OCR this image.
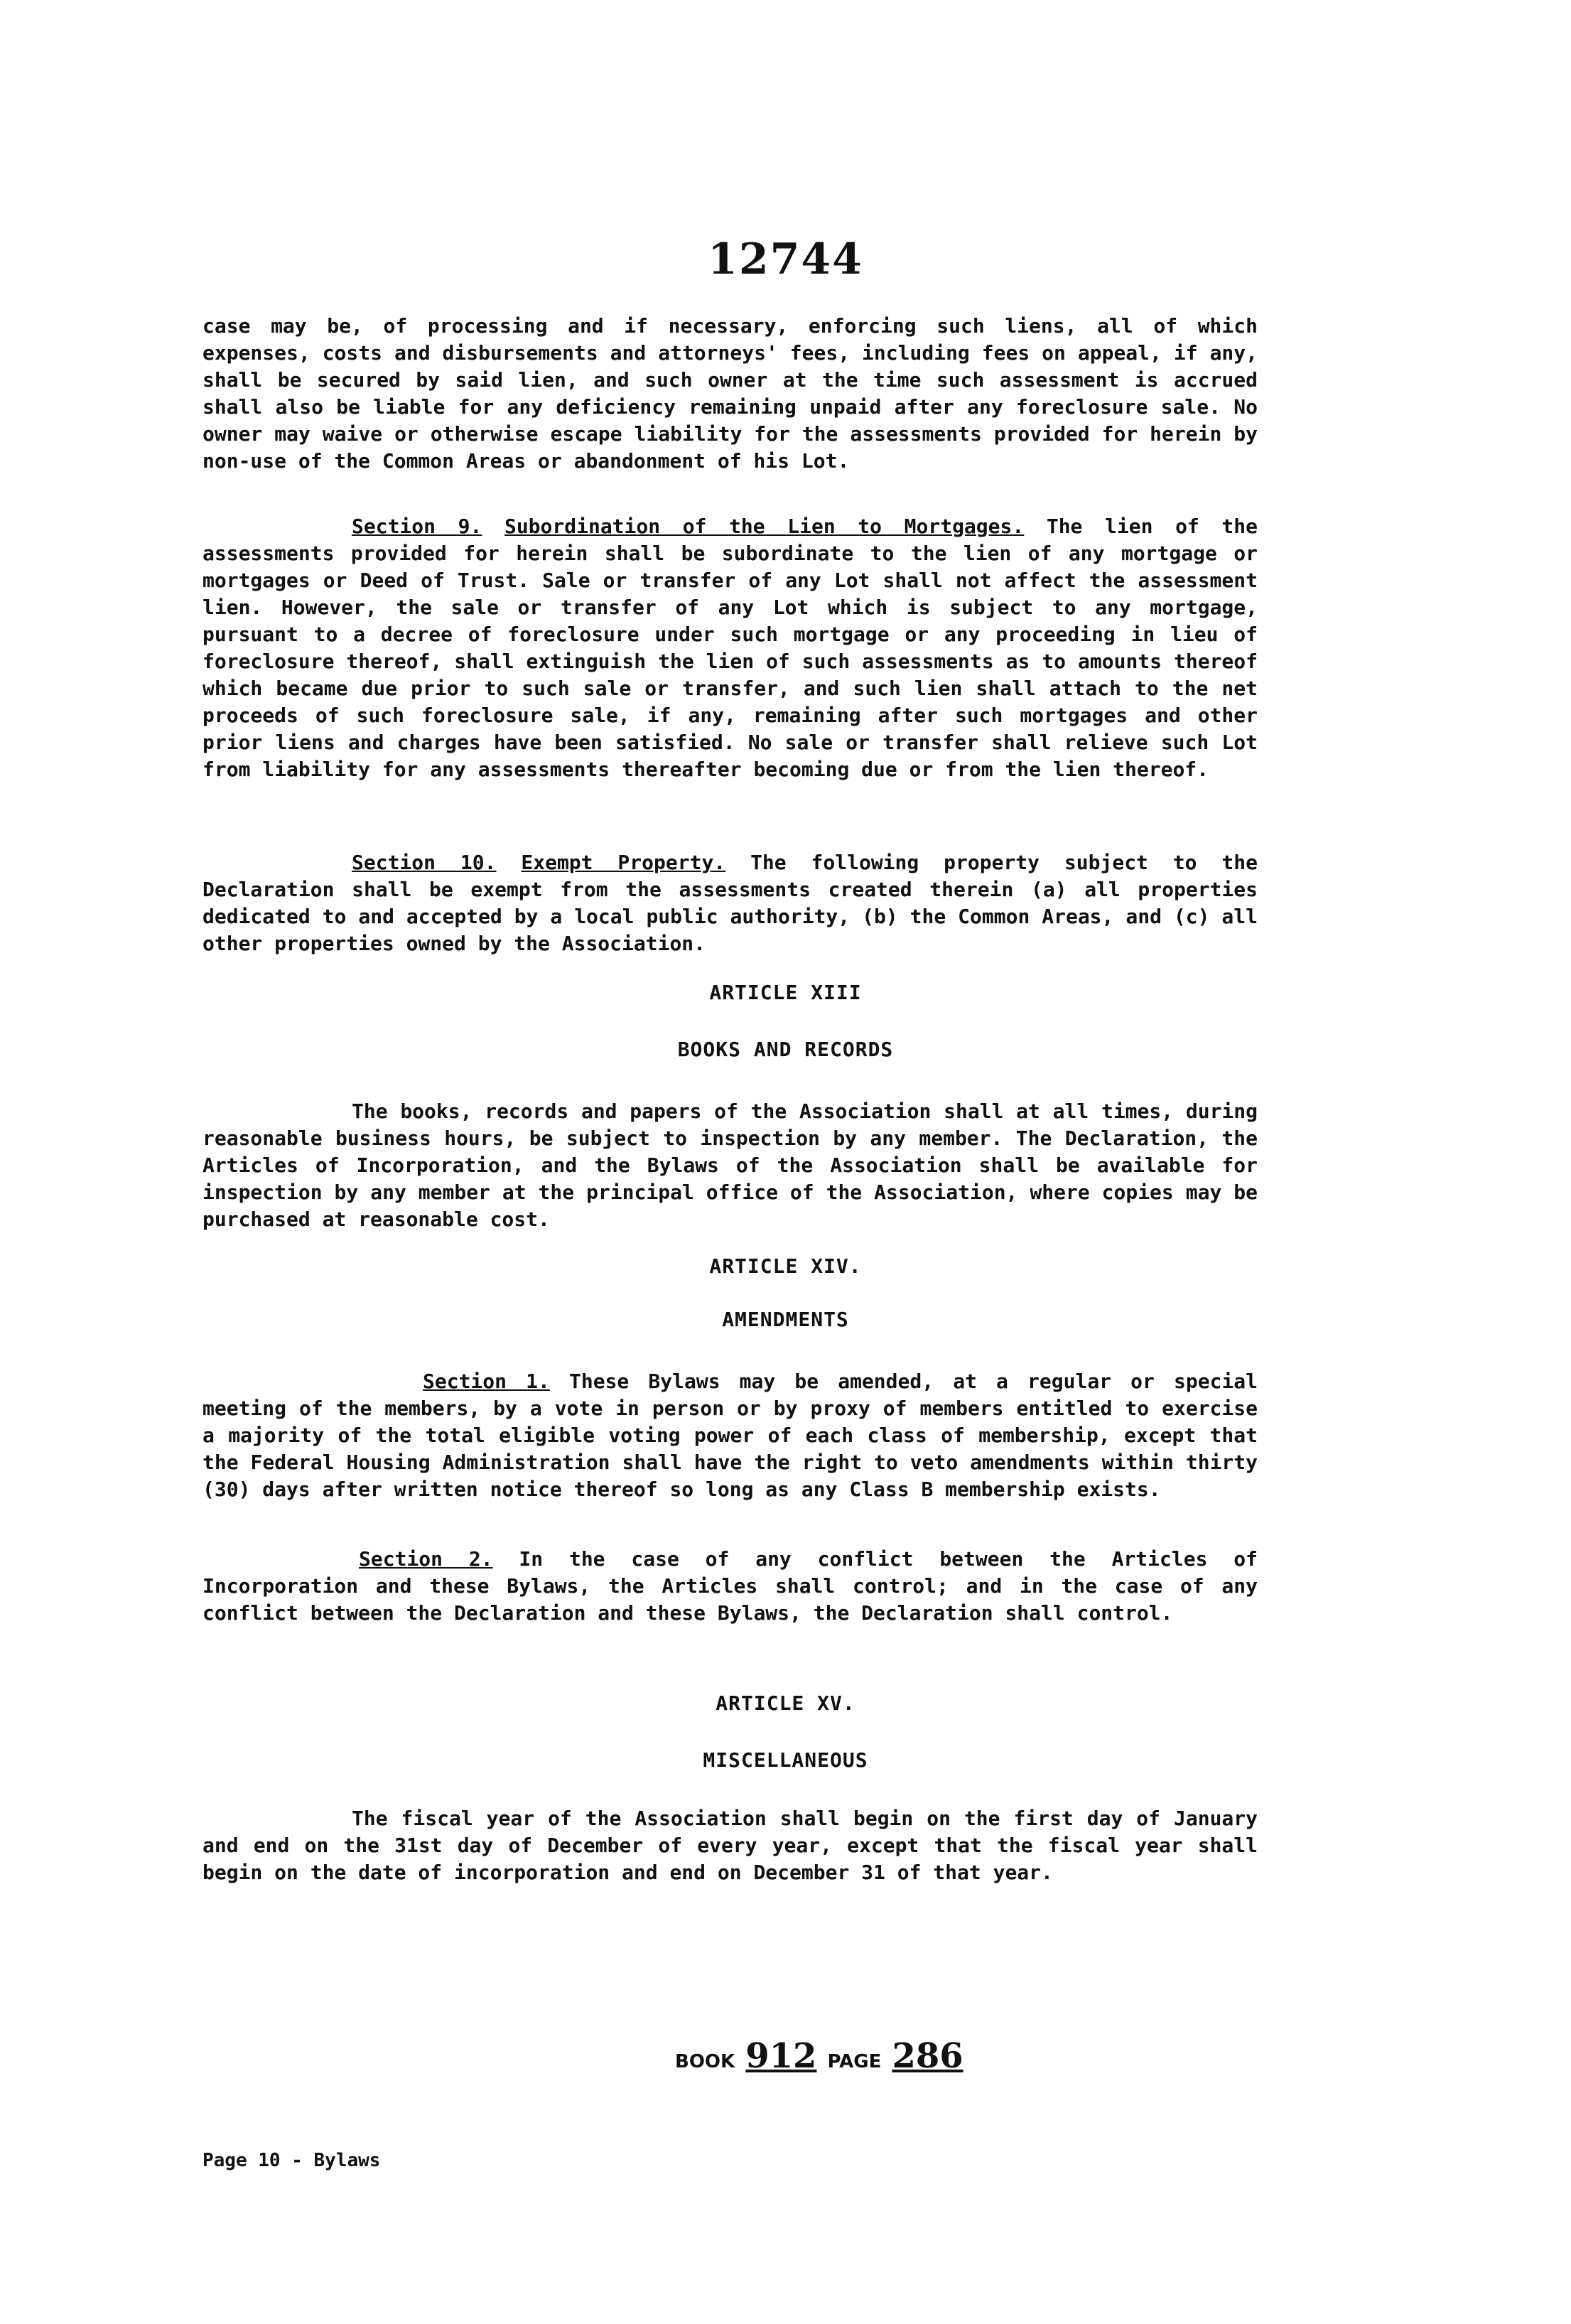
12744

case may be, of processing and if necessary, enforcing such liens, all of which expenses, costs and disbursements and attorneys' fees, including fees on appeal, if any, shall be secured by said lien, and such owner at the time such assessment is accrued shall also be liable for any deficiency remaining unpaid after any foreclosure sale. No owner may waive or otherwise escape liability for the assessments provided for herein by non-use of the Common Areas or abandonment of his Lot.

Section 9. Subordination of the Lien to Mortgages. The lien of the assessments provided for herein shall be subordinate to the lien of any mortgage or mortgages or Deed of Trust. Sale or transfer of any Lot shall not affect the assessment lien. However, the sale or transfer of any Lot which is subject to any mortgage, pursuant to a decree of foreclosure under such mortgage or any proceeding in lieu of foreclosure thereof, shall extinguish the lien of such assessments as to amounts thereof which became due prior to such sale or transfer, and such lien shall attach to the net proceeds of such foreclosure sale, if any, remaining after such mortgages and other prior liens and charges have been satisfied. No sale or transfer shall relieve such Lot from liability for any assessments thereafter becoming due or from the lien thereof.

Section 10. Exempt Property. The following property subject to the Declaration shall be exempt from the assessments created therein (a) all properties dedicated to and accepted by a local public authority, (b) the Common Areas, and (c) all other properties owned by the Association.

ARTICLE XIII
BOOKS AND RECORDS

The books, records and papers of the Association shall at all times, during reasonable business hours, be subject to inspection by any member. The Declaration, the Articles of Incorporation, and the Bylaws of the Association shall be available for inspection by any member at the principal office of the Association, where copies may be purchased at reasonable cost.

ARTICLE XIV.
AMENDMENTS

Section 1. These Bylaws may be amended, at a regular or special meeting of the members, by a vote in person or by proxy of members entitled to exercise a majority of the total eligible voting power of each class of membership, except that the Federal Housing Administration shall have the right to veto amendments within thirty (30) days after written notice thereof so long as any Class B membership exists.

Section 2. In the case of any conflict between the Articles of Incorporation and these Bylaws, the Articles shall control; and in the case of any conflict between the Declaration and these Bylaws, the Declaration shall control.

ARTICLE XV.
MISCELLANEOUS

The fiscal year of the Association shall begin on the first day of January and end on the 31st day of December of every year, except that the fiscal year shall begin on the date of incorporation and end on December 31 of that year.

BOOK 912 PAGE 286
Page 10 - Bylaws
